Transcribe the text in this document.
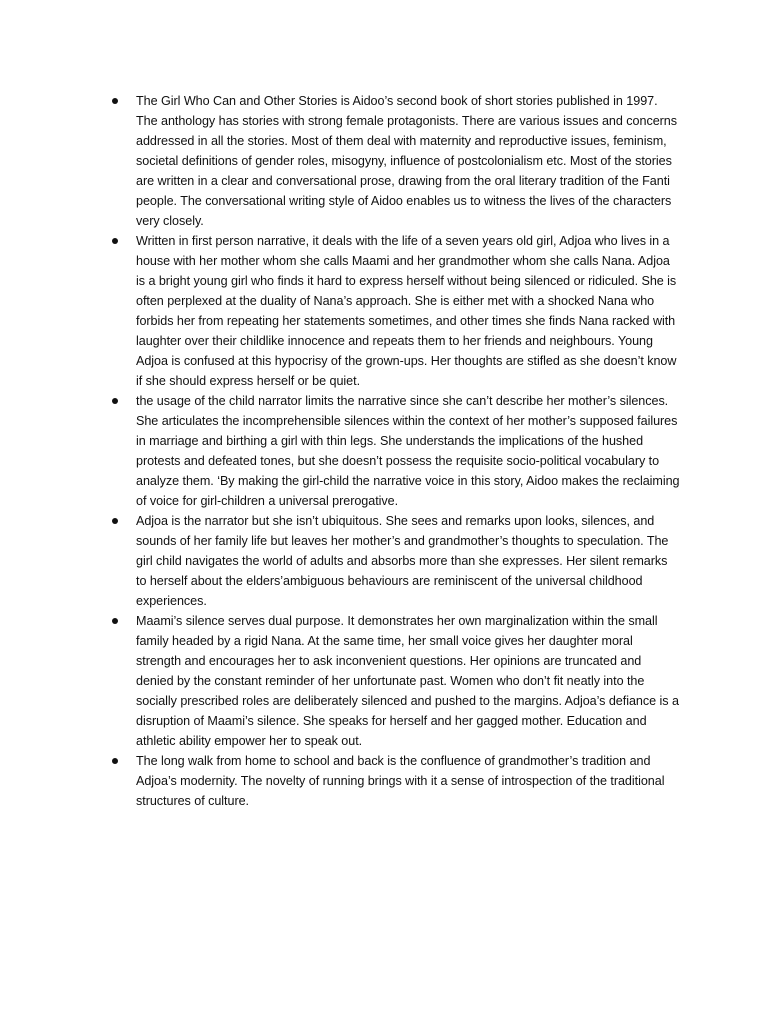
The Girl Who Can and Other Stories is Aidoo’s second book of short stories published in 1997. The anthology has stories with strong female protagonists. There are various issues and concerns addressed in all the stories. Most of them deal with maternity and reproductive issues, feminism, societal definitions of gender roles, misogyny, influence of postcolonialism etc. Most of the stories are written in a clear and conversational prose, drawing from the oral literary tradition of the Fanti people. The conversational writing style of Aidoo enables us to witness the lives of the characters very closely.
Written in first person narrative, it deals with the life of a seven years old girl, Adjoa who lives in a house with her mother whom she calls Maami and her grandmother whom she calls Nana. Adjoa is a bright young girl who finds it hard to express herself without being silenced or ridiculed. She is often perplexed at the duality of Nana’s approach. She is either met with a shocked Nana who forbids her from repeating her statements sometimes, and other times she finds Nana racked with laughter over their childlike innocence and repeats them to her friends and neighbours. Young Adjoa is confused at this hypocrisy of the grown-ups. Her thoughts are stifled as she doesn’t know if she should express herself or be quiet.
the usage of the child narrator limits the narrative since she can’t describe her mother’s silences. She articulates the incomprehensible silences within the context of her mother’s supposed failures in marriage and birthing a girl with thin legs. She understands the implications of the hushed protests and defeated tones, but she doesn’t possess the requisite socio-political vocabulary to analyze them. ‘By making the girl-child the narrative voice in this story, Aidoo makes the reclaiming of voice for girl-children a universal prerogative.
Adjoa is the narrator but she isn’t ubiquitous. She sees and remarks upon looks, silences, and sounds of her family life but leaves her mother’s and grandmother’s thoughts to speculation. The girl child navigates the world of adults and absorbs more than she expresses. Her silent remarks to herself about the elders’ambiguous behaviours are reminiscent of the universal childhood experiences.
Maami’s silence serves dual purpose. It demonstrates her own marginalization within the small family headed by a rigid Nana. At the same time, her small voice gives her daughter moral strength and encourages her to ask inconvenient questions. Her opinions are truncated and denied by the constant reminder of her unfortunate past. Women who don’t fit neatly into the socially prescribed roles are deliberately silenced and pushed to the margins. Adjoa’s defiance is a disruption of Maami’s silence. She speaks for herself and her gagged mother. Education and athletic ability empower her to speak out.
The long walk from home to school and back is the confluence of grandmother’s tradition and Adjoa’s modernity. The novelty of running brings with it a sense of introspection of the traditional structures of culture.
